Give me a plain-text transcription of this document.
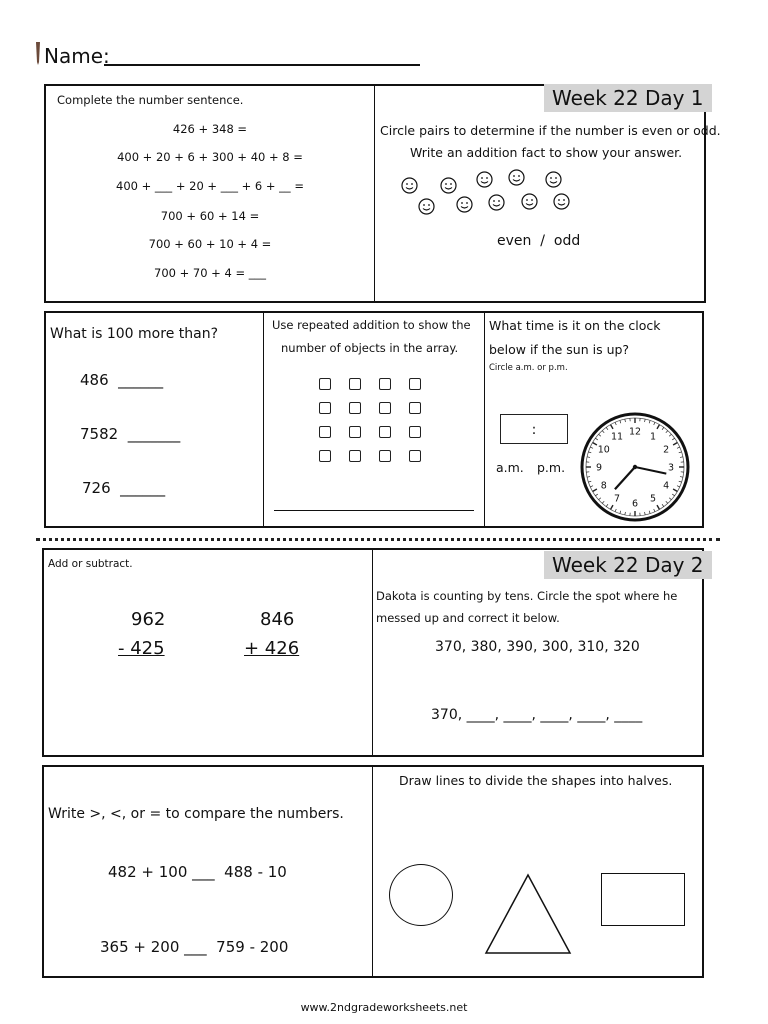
Name:
Week 22 Day 1
Complete the number sentence.
426 + 348 =
400 + 20 + 6 + 300 + 40 + 8 =
400 + ___ + 20 + ___ + 6 + __ =
700 + 60 + 14 =
700 + 60 + 10 + 4 =
700 + 70 + 4 = ___
Circle pairs to determine if the number is even or odd.
Write an addition fact to show your answer.
even  /  odd
What is 100 more than?
486  ______
7582  _______
726  ______
Use repeated addition to show the
number of objects in the array.
What time is it on the clock
below if the sun is up?
Circle a.m. or p.m.
:
a.m. p.m.
12 1
2
3
4
5
6
7
8
9
10
11
Week 22 Day 2
Add or subtract.
962
- 425
846
+ 426
Dakota is counting by tens. Circle the spot where he
messed up and correct it below.
370, 380, 390, 300, 310, 320
370, ____, ____, ____, ____, ____
Write >, <, or = to compare the numbers.
482 + 100 ___  488 - 10
365 + 200 ___  759 - 200
Draw lines to divide the shapes into halves.
www.2ndgradeworksheets.net
